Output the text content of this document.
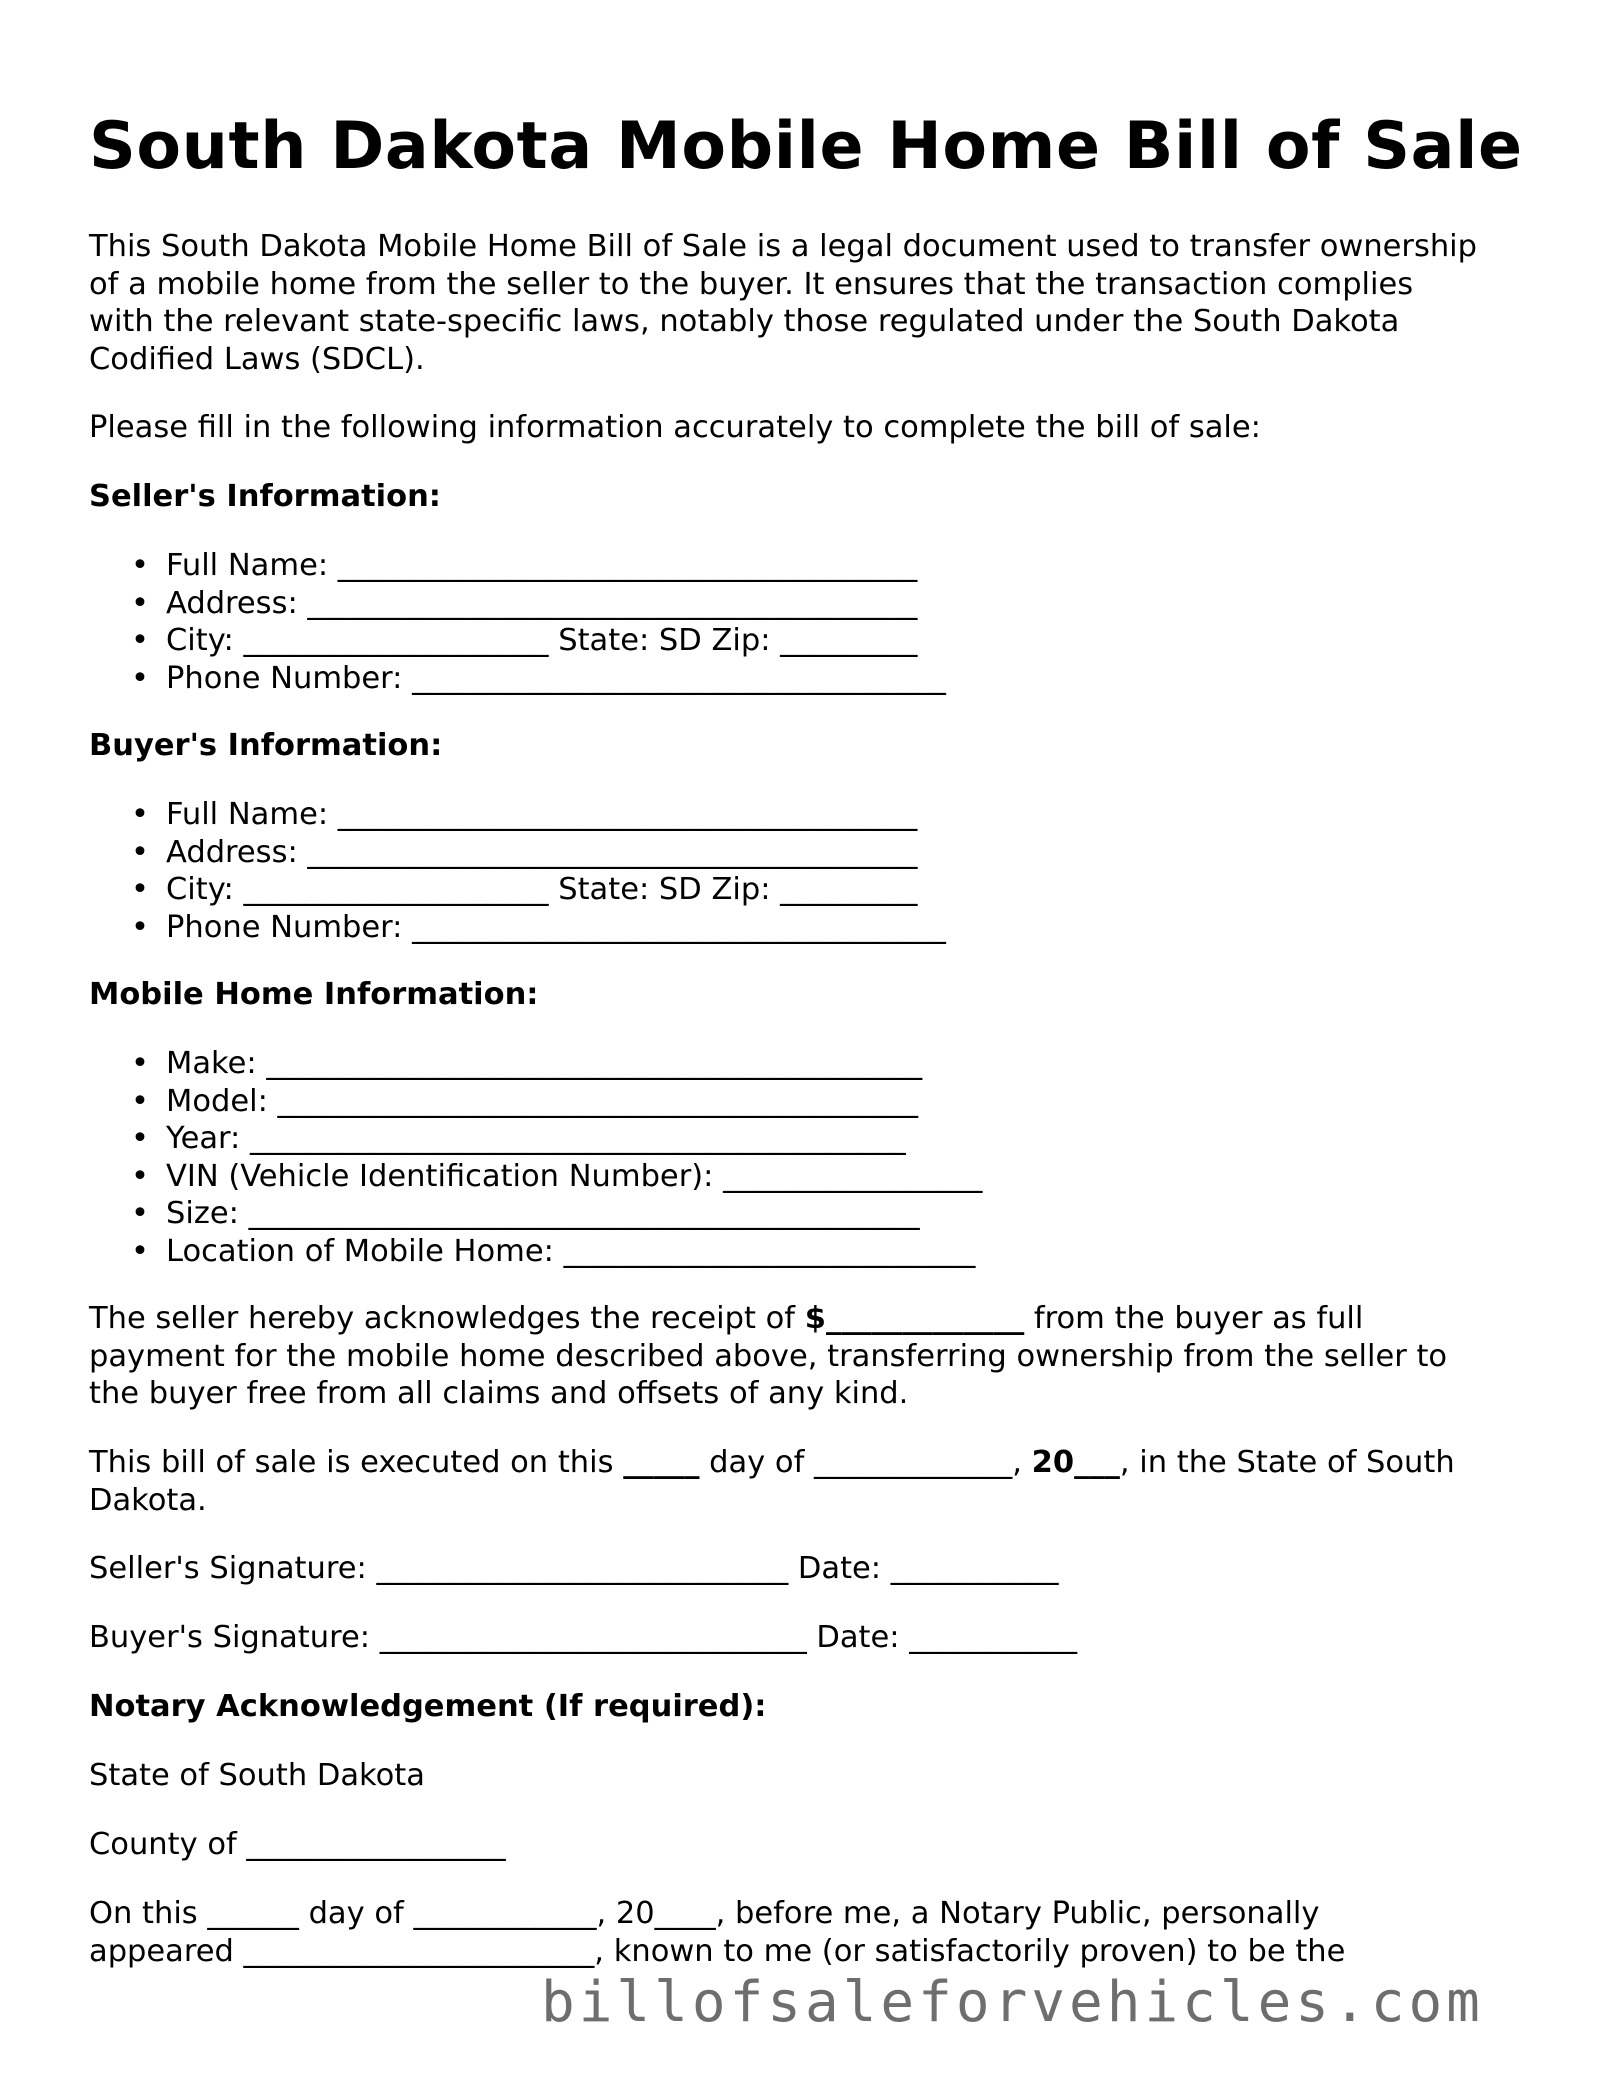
South Dakota Mobile Home Bill of Sale

This South Dakota Mobile Home Bill of Sale is a legal document used to transfer ownership

of a mobile home from the seller to the buyer. It ensures that the transaction complies

with the relevant state-specific laws, notably those regulated under the South Dakota

Codified Laws (SDCL).

Please fill in the following information accurately to complete the bill of sale:

Seller's Information:

• Full Name: ______________________________________
• Address: ________________________________________
• City: ____________________ State: SD Zip: _________
• Phone Number: ___________________________________

Buyer's Information:

• Full Name: ______________________________________
• Address: ________________________________________
• City: ____________________ State: SD Zip: _________
• Phone Number: ___________________________________

Mobile Home Information:

• Make: ___________________________________________
• Model: __________________________________________
• Year: ___________________________________________
• VIN (Vehicle Identification Number): _________________
• Size: ____________________________________________
• Location of Mobile Home: ___________________________

The seller hereby acknowledges the receipt of $_____________ from the buyer as full

payment for the mobile home described above, transferring ownership from the seller to

the buyer free from all claims and offsets of any kind.

This bill of sale is executed on this _____ day of _____________, 20___, in the State of South

Dakota.

Seller's Signature: ___________________________ Date: ___________

Buyer's Signature: ____________________________ Date: ___________

Notary Acknowledgement (If required):

State of South Dakota

County of _________________

On this ______ day of ____________, 20____, before me, a Notary Public, personally

appeared _______________________, known to me (or satisfactorily proven) to be the

billofsaleforvehicles.com
